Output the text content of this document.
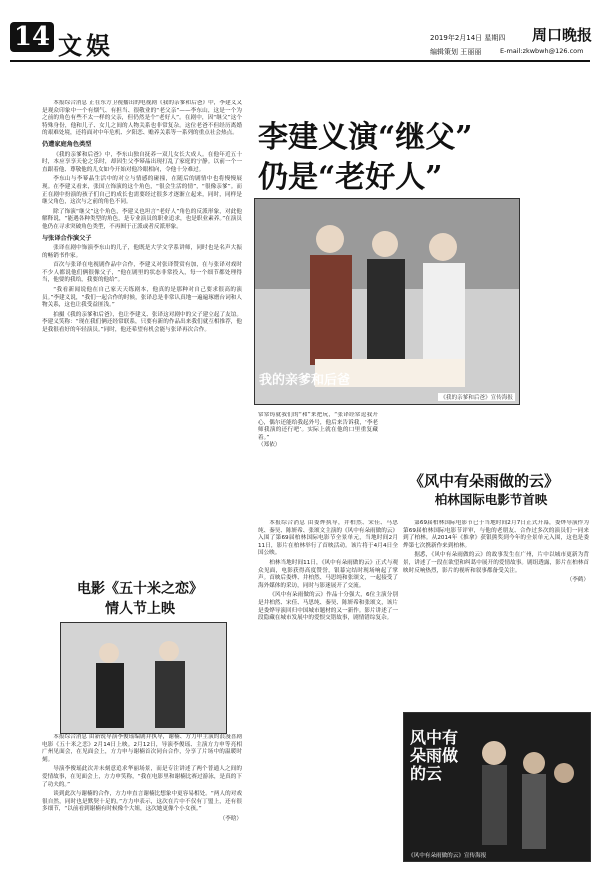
14 文娱	2019年2月14日 星期四 周口晚报
编辑策划 王丽丽	E-mail:zkwbwh@126.com

本报综合消息 正在东方卫视播出的电视剧《我的亲爹和后爸》中，李建义又是观众印象中一个有烟气、有担当、很敬业的“老父亲”——李东山，这是一个为之前的角色有些不太一样的父亲，但仍然是个“老好人”。在剧中，因“继父”这个特殊身份，他和儿子、女儿之间的人物关系也非常复杂。这位老爸不但经历离婚的艰难处境，还将面对中年危机、夕阳恋、赡养关系等一系列的重点社会热点。

仍遭家庭角色类型

《我的亲爹和后爸》中，李东山独自抚养一双儿女长大成人。在他年近五十时，本应享享天伦之乐时，却因生父李幂晶出现打乱了家庭的宁静。以前一个一直跟着他、尊敬他的儿女如今开始对他冷眼相向，令他十分难过。

李东山与李幂晶生活中的对立与情感的碰撞，在随后的剧情中也将慢慢展现。在李建义看来，张国立饰演的这个角色，“很会生活的情”，“很像亲爹”。而正在剧中扮演的孩子们自己的成长也需要经过很多才逐渐立起来，同时，同样是继父角色，这次与之前的角色不同。

除了饰演“继父”这个角色，李建义也坦言“老好人”角色的反派形象，对此他解释说，“能遇各种类型的角色，是专业演员的职业追求，也是职业素养。”在演员他仍在寻求突破角色类型，不再囿于正派或者反派形象。

与张译合作演父子

张译在剧中饰演李东山的儿子，他既是大学文学系讲师，同时也是名声大振的畅销书作家。

首次与张译在电视剧作品中合作，李建义对张译赞赏有加，在与张译对戏时不少人都说他们俩很像父子，“他在剧里的状态非常投入，每一个细节都处理得当，他要的我给，我要的他给”。

“我看新闻说他在自己家天天练剧本，他真的是那种对自己要求很高的演员。”李建义说，“我们一起合作的时候，张译总是非常认真地一遍遍琢磨台词和人物关系，这也让我受益匪浅。”

拍摄《我的亲爹和后爸》，也让李建义、张译这对剧中的父子建立起了友谊。李建义笑称：“现在我们俩还经常联系，只要有新的作品出来我们就互相推荐，他是我很看好的年轻演员。”同时，他还希望有机会能与张译再次合作。

李建义演“继父”
仍是“老好人”
我的亲爹和后爸
《我的亲爹和后爸》宣传海报
常常铸就我们的“和”来把玩，“张译经常逗我开心，偶尔还能给我起外号，他后来告诉我，‘李老师我演的还行吧’。实际上就在他的口里重复藏着。”
（郑依）
《风中有朵雨做的云》
柏林国际电影节首映
电影《五十米之恋》
情人节上映

本报综合消息 由新锐导演李俊瑶编剧并执导，谢楠、方力申主演的浪漫喜剧电影《五十米之恋》2月14日上映。2月12日，导演李俊瑶、主演方力申等亮相广州见面会，在见面会上，方力申与谢楠首次同台合作，分享了片场中的温暖时刻。

导演李俊瑶此次并未刻意追求华丽场景，而是专注讲述了两个普通人之间的爱情故事，在见面会上，方力申笑称，“我在电影里和谢楠比赛过游泳，是真的下了功夫的。”

谈到此次与谢楠的合作，方力申直言谢楠比想象中更容易相处。“两人的对戏很自然，同时也是默契十足的。”方力申表示，这次在片中不仅有丁盟上，还有很多细节，“以前看到谢楠有时候像个大姐，这次她更像个小女孩。”

（李晗）

本报综合消息 由娄烨执导，井柏然、宋佳、马思纯、秦昊、陈妍希、张颂文主演的《风中有朵雨做的云》入围了第69届柏林国际电影节全景单元，当地时间2月11日，影片在柏林举行了首映活动。该片将于4月4日全国公映。

柏林当地时间11日，《风中有朵雨做的云》正式与观众见面，电影获得高度赞誉，银幕完结时现场响起了掌声。首映后娄烨、井柏然、马思纯和张颂文，一起接受了海外媒体的采访，同时与影迷展开了交流。

《风中有朵雨做的云》作品十分强大，6位主演分别是井柏然、宋佳、马思纯、秦昊、陈妍希和张颂文，该片是娄烨导演回归中国城市题材的又一新作。影片讲述了一段隐藏在城市发展中的爱恨交错故事，剧情错综复杂。

第69届柏林国际电影节已于当地时间2月7日正式开幕，娄烨导演作为第69届柏林国际电影节评审，与他的老朋友、合作过多次的演员们一同来到了柏林。从2014年《推拿》获银熊奖到今年的全景单元入围，这也是娄烨第七次携新作来到柏林。

据悉，《风中有朵雨做的云》的故事发生在广州，片中以城市更新为背景，讲述了一段在欲望和纠葛中展开的爱情故事。剧组透露，影片在柏林首映时反响热烈，影片的视听和叙事都备受关注。

（李鹤）
风中有朵雨做的云
《风中有朵雨做的云》宣传海报
